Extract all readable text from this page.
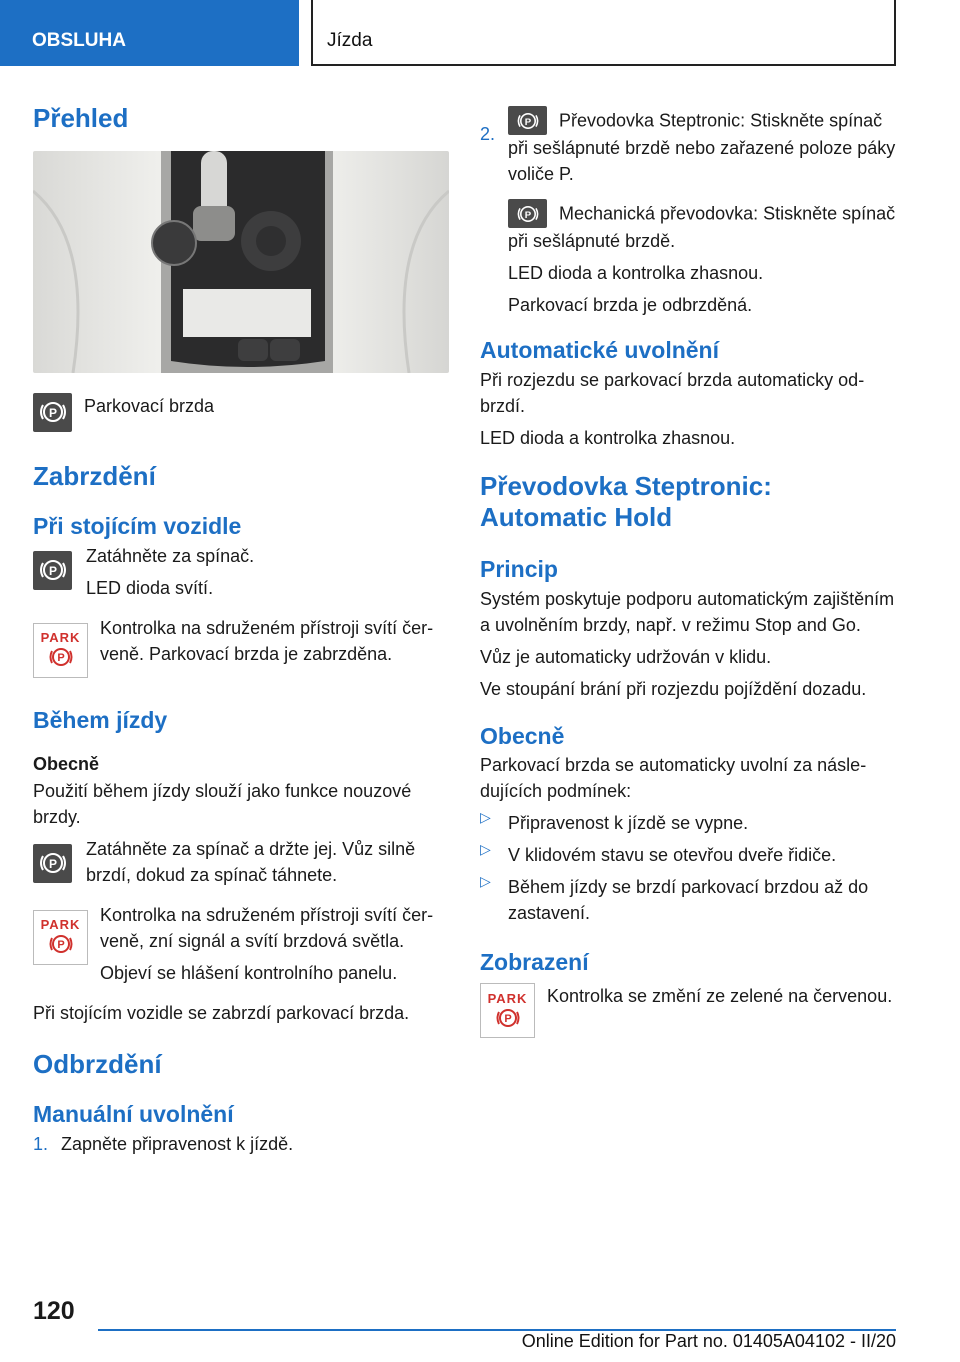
OBSLUHA	Jízda
Přehled
P Parkovací brzda

Zabrzdění
Při stojícím vozidle
P

Zatáhněte za spínač.

LED dioda svítí.

PARK
P

Kontrolka na sdruženém přístroji svítí červeně. Parkovací brzda je zabrzděna.

Během jízdy
Obecně

Použití během jízdy slouží jako funkce nouzové brzdy.

P

Zatáhněte za spínač a držte jej. Vůz silně brzdí, dokud za spínač táhnete.

PARK
P

Kontrolka na sdruženém přístroji svítí červeně, zní signál a svítí brzdová světla.

Objeví se hlášení kontrolního panelu.

Při stojícím vozidle se zabrzdí parkovací brzda.

Odbrzdění
Manuální uvolnění

1. Zapněte připravenost k jízdě.

2.

P Převodovka Steptronic: Stiskněte spínač při sešlápnuté brzdě nebo zařazené poloze páky voliče P.

P Mechanická převodovka: Stiskněte spínač při sešlápnuté brzdě.

LED dioda a kontrolka zhasnou.

Parkovací brzda je odbrzděná.

Automatické uvolnění

Při rozjezdu se parkovací brzda automaticky odbrzdí.

LED dioda a kontrolka zhasnou.

Převodovka Steptronic: Automatic Hold
Princip

Systém poskytuje podporu automatickým zajištěním a uvolněním brzdy, např. v režimu Stop and Go.

Vůz je automaticky udržován v klidu.

Ve stoupání brání při rozjezdu pojíždění dozadu.

Obecně

Parkovací brzda se automaticky uvolní za následujících podmínek:

▷ Připravenost k jízdě se vypne.

▷ V klidovém stavu se otevřou dveře řidiče.

▷ Během jízdy se brzdí parkovací brzdou až do zastavení.

Zobrazení
PARK
P

Kontrolka se změní ze zelené na červenou.

120
Online Edition for Part no. 01405A04102 - II/20
